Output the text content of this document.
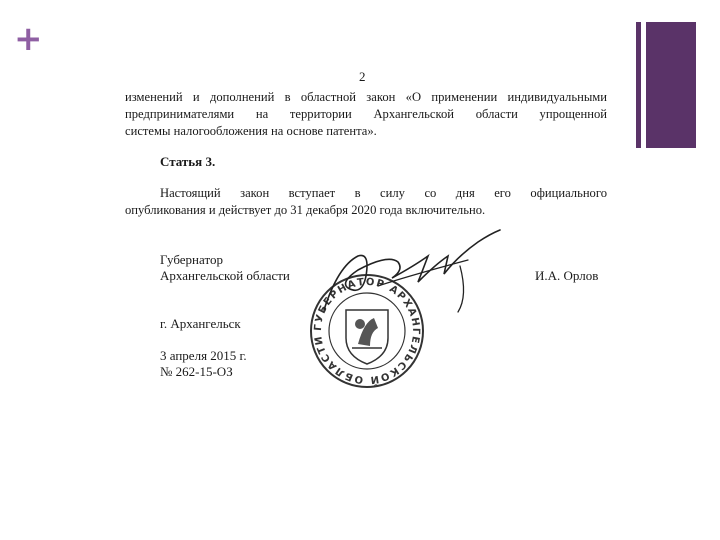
+
2
изменений и дополнений в областной закон «О применении индивидуальными
предпринимателями на территории Архангельской области упрощенной
системы налогообложения на основе патента».
Статья 3.
Настоящий закон вступает в силу со дня его официального
опубликования и действует до 31 декабря 2020 года включительно.
Губернатор
Архангельской области	И.А. Орлов
ГУБЕРНАТОР АРХАНГЕЛЬСКОЙ ОБЛАСТИ
г. Архангельск
3 апреля 2015 г.
№ 262-15-ОЗ
